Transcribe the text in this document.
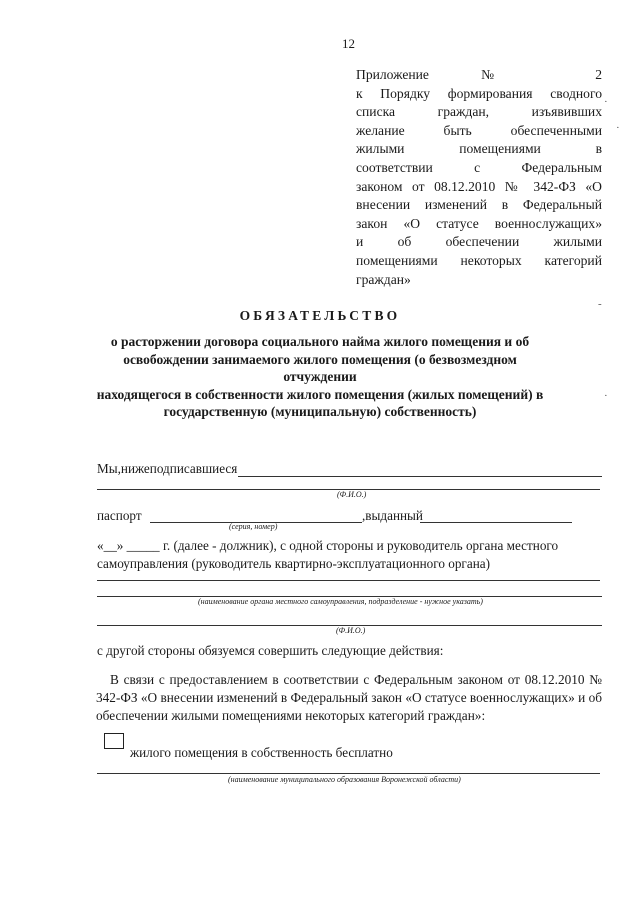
12
Приложение № 2
к Порядку формирования сводного
списка граждан, изъявивших
желание быть обеспеченными
жилыми помещениями в
соответствии с Федеральным
законом от 08.12.2010 № 342-ФЗ «О
внесении изменений в Федеральный
закон «О статусе военнослужащих»
и об обеспечении жилыми
помещениями некоторых категорий
граждан»
ОБЯЗАТЕЛЬСТВО
о расторжении договора социального найма жилого помещения и об
освобождении занимаемого жилого помещения (о безвозмездном отчуждении
находящегося в собственности жилого помещения (жилых помещений) в
государственную (муниципальную) собственность)
Мы,нижеподписавшиеся
(Ф.И.О.)
паспорт	,выданный
(серия, номер)
«__» _____ г. (далее - должник), с одной стороны и руководитель органа местного
самоуправления (руководитель квартирно-эксплуатационного органа)
(наименование органа местного самоуправления, подразделение - нужное указать)
(Ф.И.О.)
с другой стороны обязуемся совершить следующие действия:
В связи с предоставлением в соответствии с Федеральным законом от 08.12.2010 № 342-ФЗ «О внесении изменений в Федеральный закон «О статусе военнослужащих» и об обеспечении жилыми помещениями некоторых категорий граждан»:
жилого помещения в собственность бесплатно
(наименование муниципального образования Воронежской области)
·
·
-
·
